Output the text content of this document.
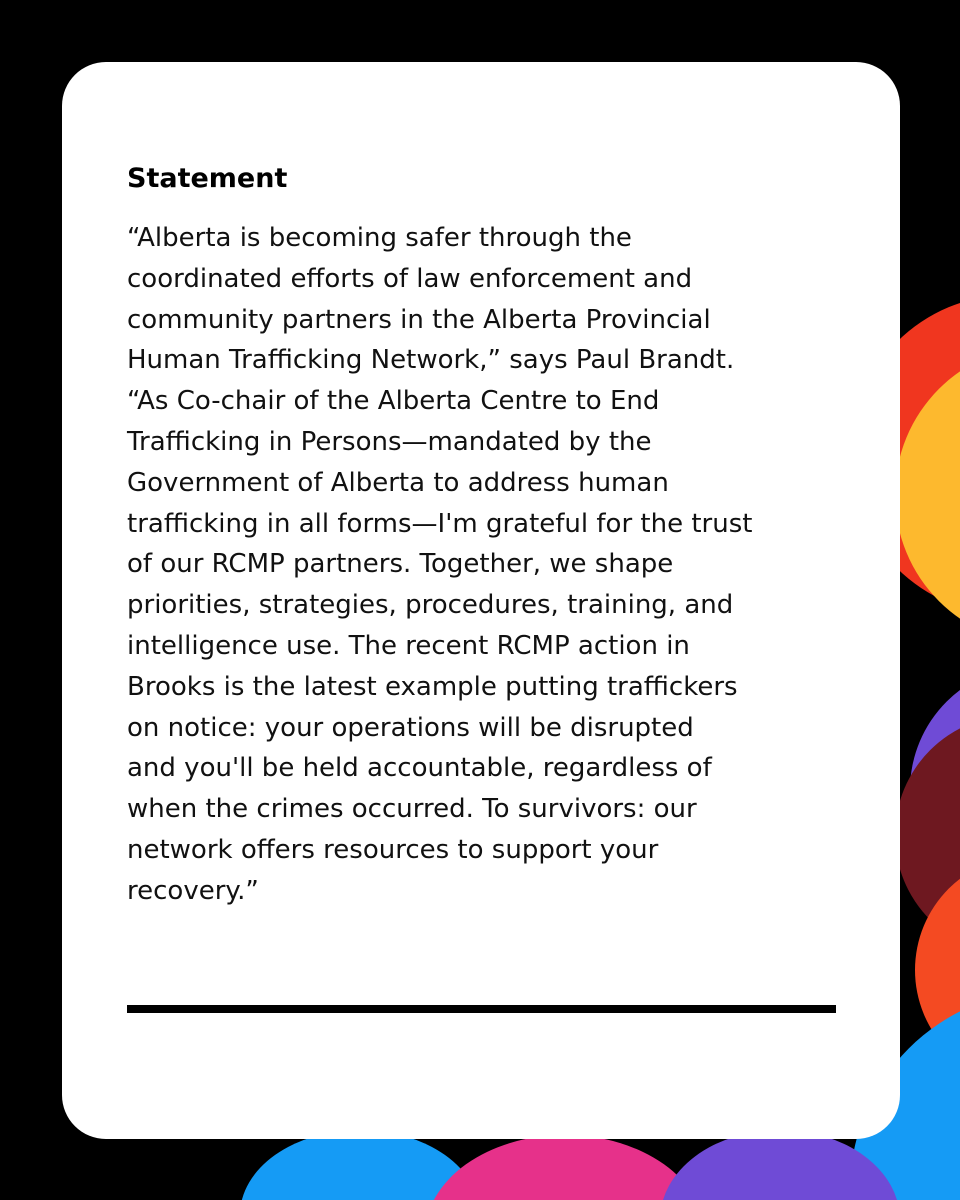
Statement

“Alberta is becoming safer through the
coordinated efforts of law enforcement and
community partners in the Alberta Provincial
Human Trafficking Network,” says Paul Brandt.
“As Co-chair of the Alberta Centre to End
Trafficking in Persons—mandated by the
Government of Alberta to address human
trafficking in all forms—I'm grateful for the trust
of our RCMP partners. Together, we shape
priorities, strategies, procedures, training, and
intelligence use. The recent RCMP action in
Brooks is the latest example putting traffickers
on notice: your operations will be disrupted
and you'll be held accountable, regardless of
when the crimes occurred. To survivors: our
network offers resources to support your
recovery.”
